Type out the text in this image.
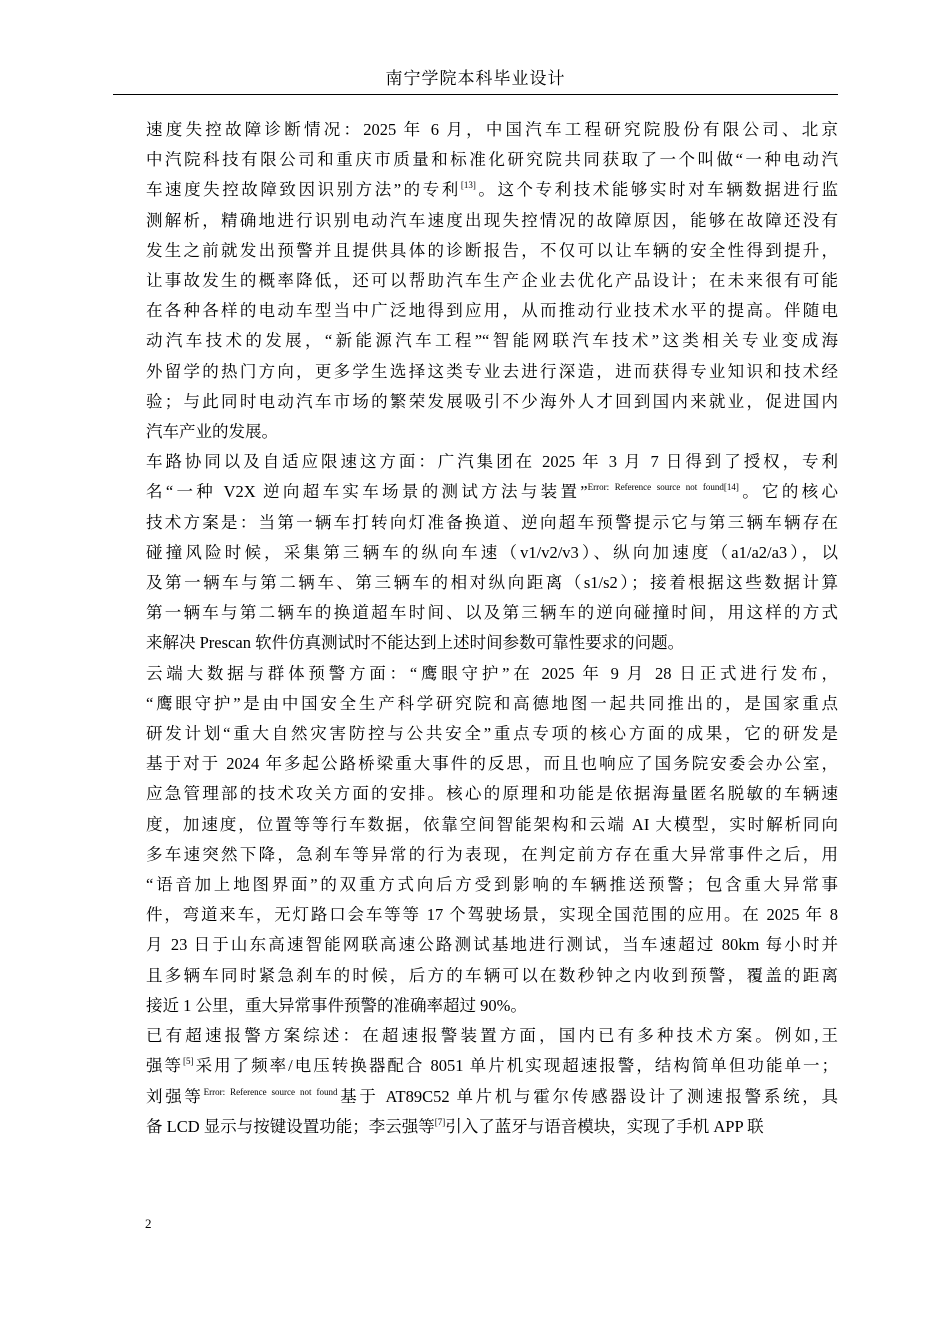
南宁学院本科毕业设计
速度失控故障诊断情况：2025 年 6 月，中国汽车工程研究院股份有限公司、北京
中汽院科技有限公司和重庆市质量和标准化研究院共同获取了一个叫做“一种电动汽
车速度失控故障致因识别方法”的专利[13]。这个专利技术能够实时对车辆数据进行监
测解析，精确地进行识别电动汽车速度出现失控情况的故障原因，能够在故障还没有
发生之前就发出预警并且提供具体的诊断报告，不仅可以让车辆的安全性得到提升，
让事故发生的概率降低，还可以帮助汽车生产企业去优化产品设计；在未来很有可能
在各种各样的电动车型当中广泛地得到应用，从而推动行业技术水平的提高。伴随电
动汽车技术的发展，“新能源汽车工程”“智能网联汽车技术”这类相关专业变成海
外留学的热门方向，更多学生选择这类专业去进行深造，进而获得专业知识和技术经
验；与此同时电动汽车市场的繁荣发展吸引不少海外人才回到国内来就业，促进国内
汽车产业的发展。
车路协同以及自适应限速这方面：广汽集团在 2025 年 3 月 7 日得到了授权，专利
名“一种 V2X 逆向超车实车场景的测试方法与装置”$^{Error: Reference source not found[14]}$。它的核心
技术方案是：当第一辆车打转向灯准备换道、逆向超车预警提示它与第三辆车辆存在
碰撞风险时候，采集第三辆车的纵向车速（v1/v2/v3）、纵向加速度（a1/a2/a3），以
及第一辆车与第二辆车、第三辆车的相对纵向距离（s1/s2）；接着根据这些数据计算
第一辆车与第二辆车的换道超车时间、以及第三辆车的逆向碰撞时间，用这样的方式
来解决 Prescan 软件仿真测试时不能达到上述时间参数可靠性要求的问题。
云端大数据与群体预警方面：“鹰眼守护”在 2025 年 9 月 28 日正式进行发布，
“鹰眼守护”是由中国安全生产科学研究院和高德地图一起共同推出的，是国家重点
研发计划“重大自然灾害防控与公共安全”重点专项的核心方面的成果，它的研发是
基于对于 2024 年多起公路桥梁重大事件的反思，而且也响应了国务院安委会办公室，
应急管理部的技术攻关方面的安排。核心的原理和功能是依据海量匿名脱敏的车辆速
度，加速度，位置等等行车数据，依靠空间智能架构和云端 AI 大模型，实时解析同向
多车速突然下降，急刹车等异常的行为表现，在判定前方存在重大异常事件之后，用
“语音加上地图界面”的双重方式向后方受到影响的车辆推送预警；包含重大异常事
件，弯道来车，无灯路口会车等等 17 个驾驶场景，实现全国范围的应用。在 2025 年 8
月 23 日于山东高速智能网联高速公路测试基地进行测试，当车速超过 80km 每小时并
且多辆车同时紧急刹车的时候，后方的车辆可以在数秒钟之内收到预警，覆盖的距离
接近 1 公里，重大异常事件预警的准确率超过 90%。
已有超速报警方案综述：在超速报警装置方面，国内已有多种技术方案。例如,王
强等[5]采用了频率/电压转换器配合 8051 单片机实现超速报警，结构简单但功能单一；
刘强等$^{Error: Reference source not found}$基于 AT89C52 单片机与霍尔传感器设计了测速报警系统，具
备 LCD 显示与按键设置功能；李云强等[7]引入了蓝牙与语音模块，实现了手机 APP 联
2
